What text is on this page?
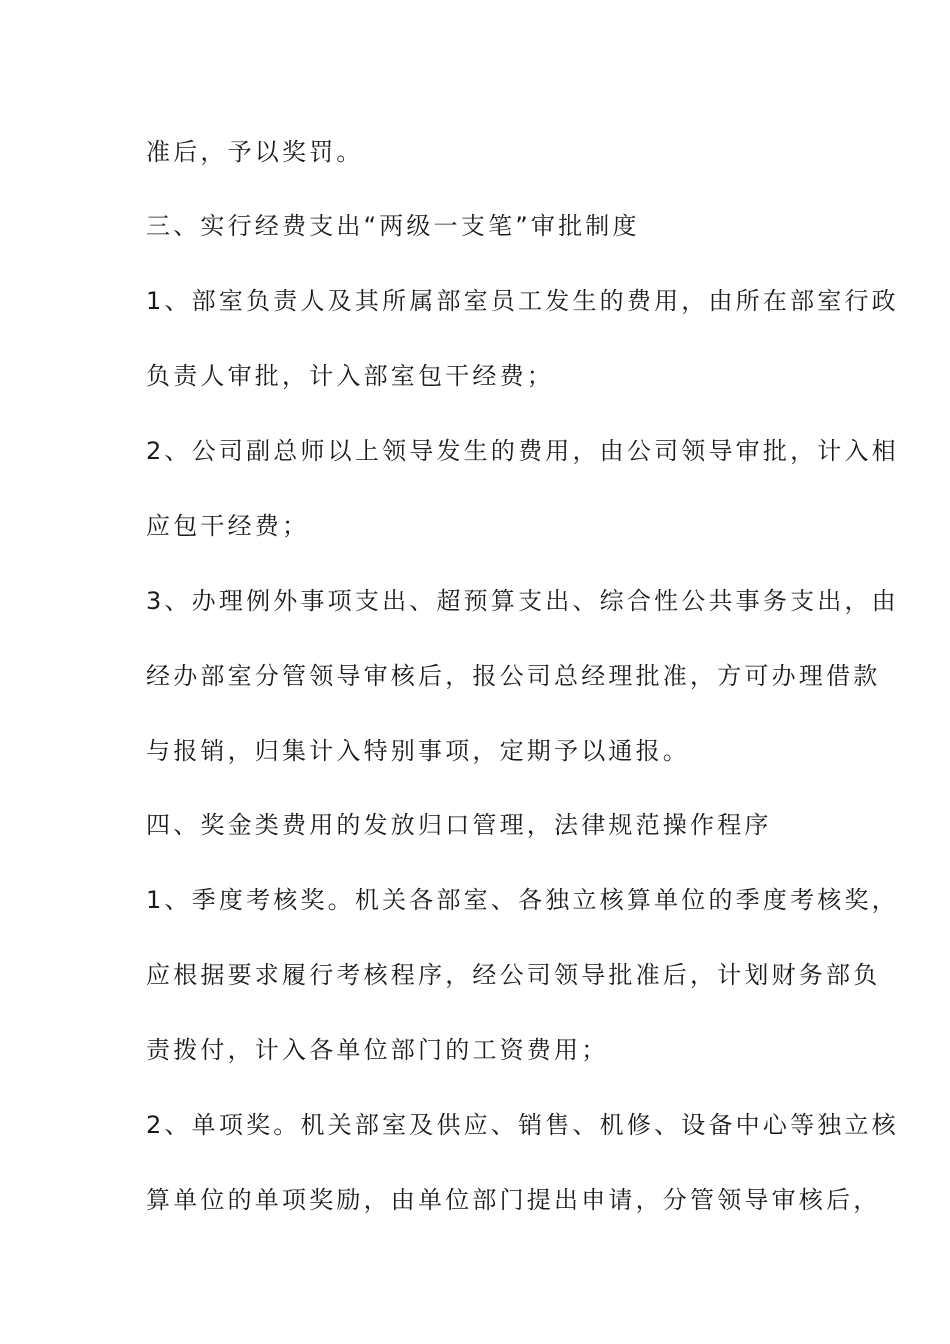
准后，予以奖罚。
三、实行经费支出“两级一支笔”审批制度
1、部室负责人及其所属部室员工发生的费用，由所在部室行政
负责人审批，计入部室包干经费；
2、公司副总师以上领导发生的费用，由公司领导审批，计入相
应包干经费；
3、办理例外事项支出、超预算支出、综合性公共事务支出，由
经办部室分管领导审核后，报公司总经理批准，方可办理借款
与报销，归集计入特别事项，定期予以通报。
四、奖金类费用的发放归口管理，法律规范操作程序
1、季度考核奖。机关各部室、各独立核算单位的季度考核奖，
应根据要求履行考核程序，经公司领导批准后，计划财务部负
责拨付，计入各单位部门的工资费用；
2、单项奖。机关部室及供应、销售、机修、设备中心等独立核
算单位的单项奖励，由单位部门提出申请，分管领导审核后，
